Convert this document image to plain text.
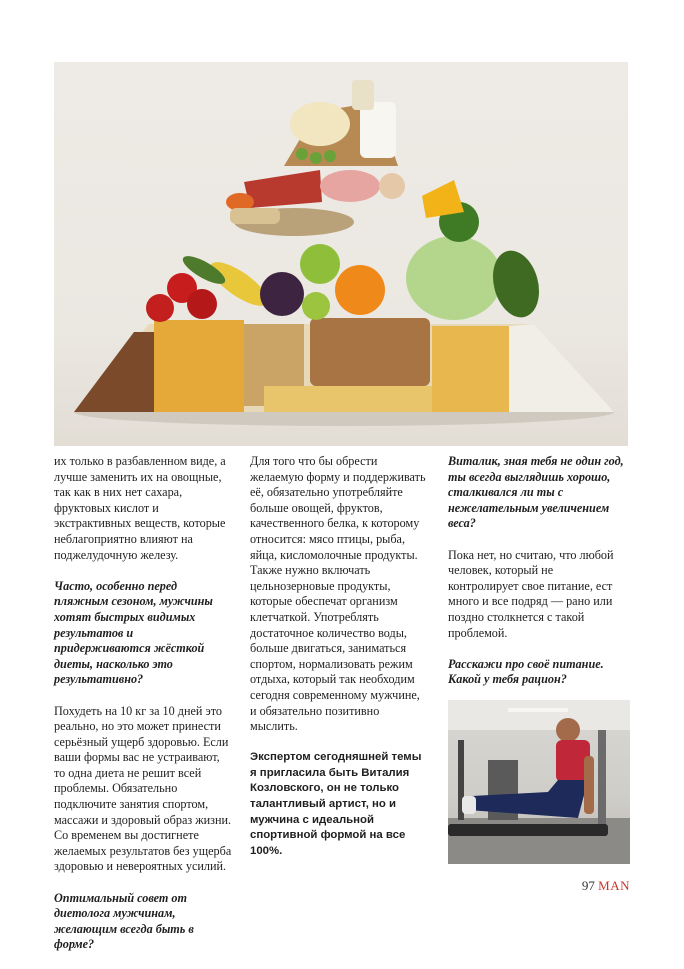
их только в разбавленном виде, а лучше заменить их на овощные, так как в них нет сахара, фруктовых кислот и экстрактивных веществ, которые неблагоприятно влияют на поджелудочную железу.

Часто, особенно перед пляжным сезоном, мужчины хотят быстрых видимых результатов и придерживаются жёсткой диеты, насколько это результативно?

Похудеть на 10 кг за 10 дней это реально, но это может принести серьёзный ущерб здоровью. Если ваши формы вас не устраивают, то одна диета не решит всей проблемы. Обязательно подключите занятия спортом, массажи и здоровый образ жизни.

Со временем вы достигнете желаемых результатов без ущерба здоровью и невероятных усилий.

Оптимальный совет от диетолога мужчинам, желающим всегда быть в форме?

Для того что бы обрести желаемую форму и поддерживать её, обязательно употребляйте больше овощей, фруктов, качественного белка, к которому относится: мясо птицы, рыба, яйца, кисломолочные продукты.

Также нужно включать цельнозерновые продукты, которые обеспечат организм клетчаткой. Употреблять достаточное количество воды, больше двигаться, заниматься спортом, нормализовать режим отдыха, который так необходим сегодня современному мужчине, и обязательно позитивно мыслить.

Экспертом сегодняшней темы я пригласила быть Виталия Козловского, он не только талантливый артист, но и мужчина с идеальной спортивной формой на все 100%.

Виталик, зная тебя не один год, ты всегда выглядишь хорошо, сталкивался ли ты с нежелательным увеличением веса?

Пока нет, но считаю, что любой человек, который не контролирует свое питание, ест много и все подряд — рано или поздно столкнется с такой проблемой.

Расскажи про своё питание. Какой у тебя рацион?

97 MAN
